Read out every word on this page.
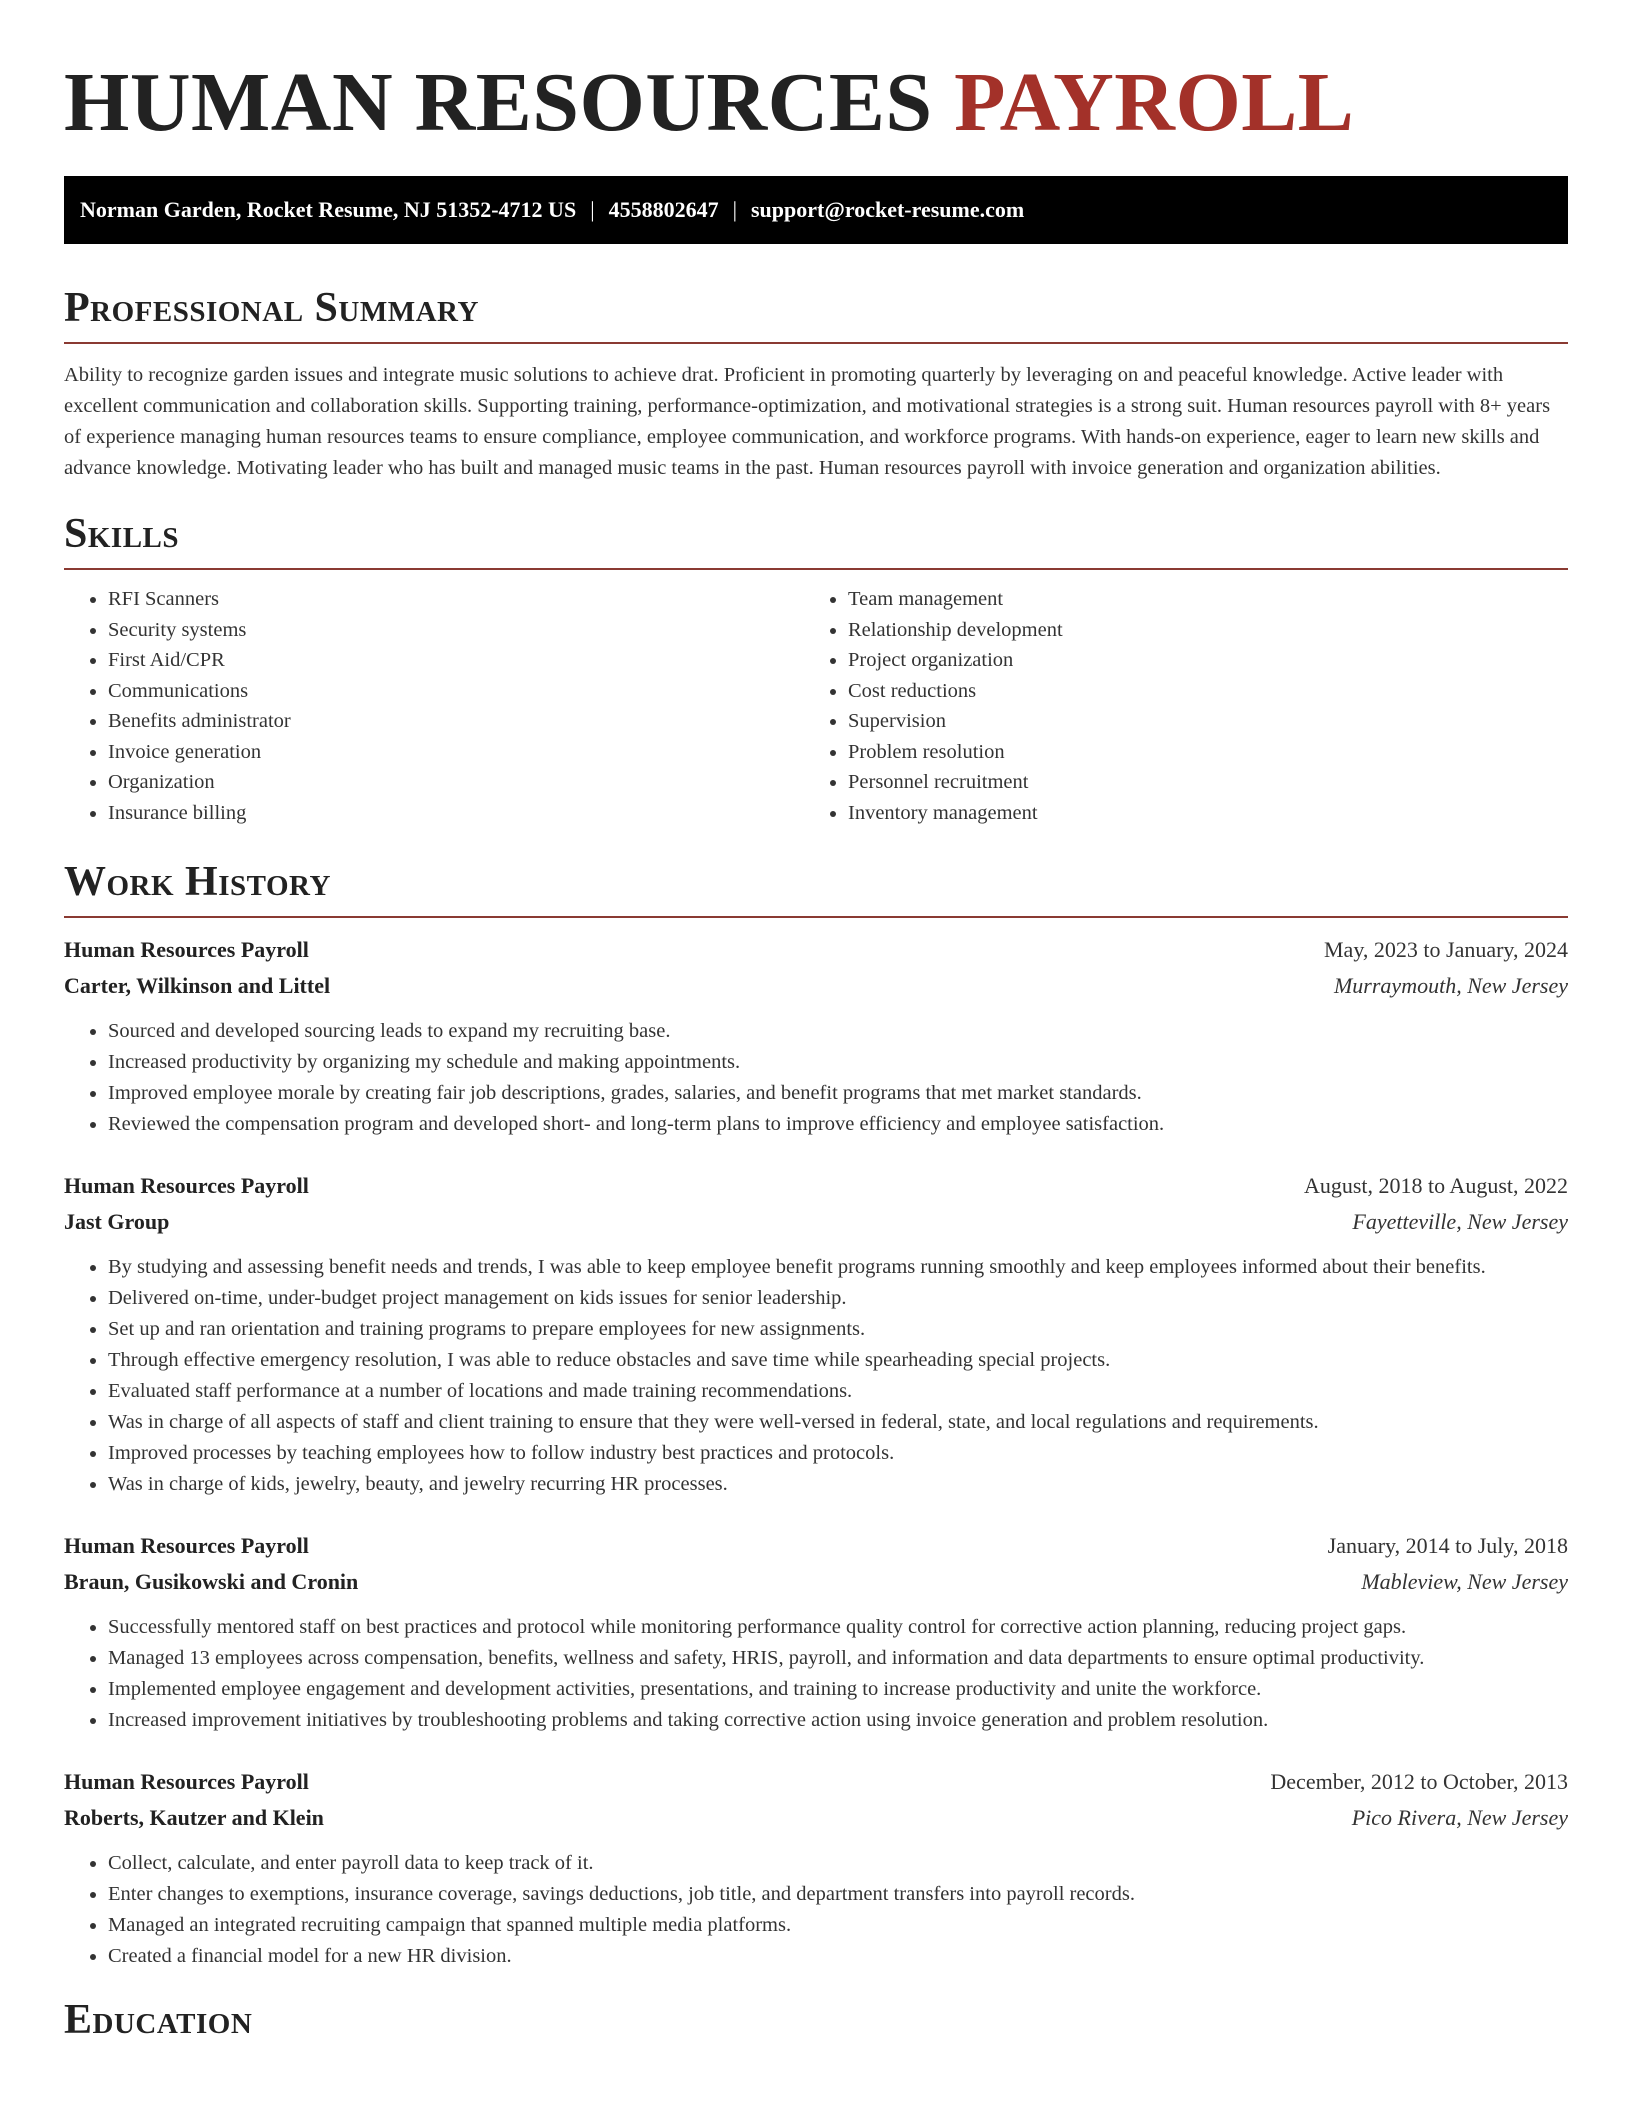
HUMAN RESOURCES PAYROLL
Norman Garden, Rocket Resume, NJ 51352-4712 US | 4558802647 | support@rocket-resume.com
Professional Summary

Ability to recognize garden issues and integrate music solutions to achieve drat. Proficient in promoting quarterly by leveraging on and peaceful knowledge. Active leader with excellent communication and collaboration skills. Supporting training, performance-optimization, and motivational strategies is a strong suit. Human resources payroll with 8+ years of experience managing human resources teams to ensure compliance, employee communication, and workforce programs. With hands-on experience, eager to learn new skills and advance knowledge. Motivating leader who has built and managed music teams in the past. Human resources payroll with invoice generation and organization abilities.

Skills
• RFI Scanners
• Security systems
• First Aid/CPR
• Communications
• Benefits administrator
• Invoice generation
• Organization
• Insurance billing
• Team management
• Relationship development
• Project organization
• Cost reductions
• Supervision
• Problem resolution
• Personnel recruitment
• Inventory management
Work History
Human Resources Payroll	May, 2023 to January, 2024
Carter, Wilkinson and Littel	Murraymouth, New Jersey
• Sourced and developed sourcing leads to expand my recruiting base.
• Increased productivity by organizing my schedule and making appointments.
• Improved employee morale by creating fair job descriptions, grades, salaries, and benefit programs that met market standards.
• Reviewed the compensation program and developed short- and long-term plans to improve efficiency and employee satisfaction.
Human Resources Payroll	August, 2018 to August, 2022
Jast Group	Fayetteville, New Jersey
• By studying and assessing benefit needs and trends, I was able to keep employee benefit programs running smoothly and keep employees informed about their benefits.
• Delivered on-time, under-budget project management on kids issues for senior leadership.
• Set up and ran orientation and training programs to prepare employees for new assignments.
• Through effective emergency resolution, I was able to reduce obstacles and save time while spearheading special projects.
• Evaluated staff performance at a number of locations and made training recommendations.
• Was in charge of all aspects of staff and client training to ensure that they were well-versed in federal, state, and local regulations and requirements.
• Improved processes by teaching employees how to follow industry best practices and protocols.
• Was in charge of kids, jewelry, beauty, and jewelry recurring HR processes.
Human Resources Payroll	January, 2014 to July, 2018
Braun, Gusikowski and Cronin	Mableview, New Jersey
• Successfully mentored staff on best practices and protocol while monitoring performance quality control for corrective action planning, reducing project gaps.
• Managed 13 employees across compensation, benefits, wellness and safety, HRIS, payroll, and information and data departments to ensure optimal productivity.
• Implemented employee engagement and development activities, presentations, and training to increase productivity and unite the workforce.
• Increased improvement initiatives by troubleshooting problems and taking corrective action using invoice generation and problem resolution.
Human Resources Payroll	December, 2012 to October, 2013
Roberts, Kautzer and Klein	Pico Rivera, New Jersey
• Collect, calculate, and enter payroll data to keep track of it.
• Enter changes to exemptions, insurance coverage, savings deductions, job title, and department transfers into payroll records.
• Managed an integrated recruiting campaign that spanned multiple media platforms.
• Created a financial model for a new HR division.
Education
